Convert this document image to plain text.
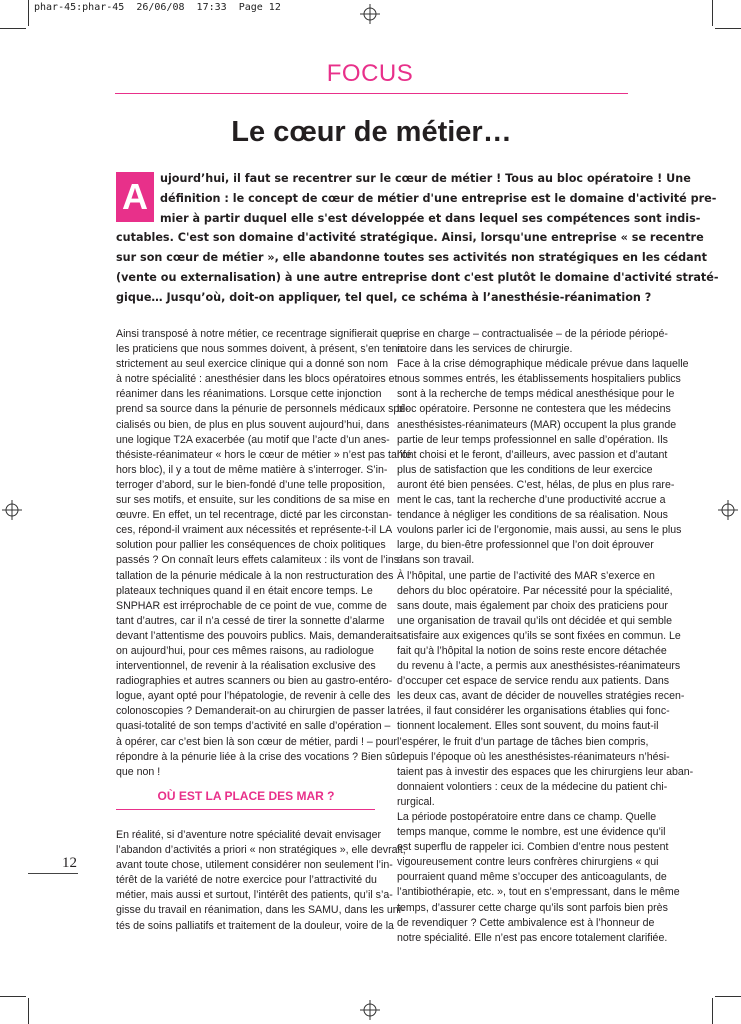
phar-45:phar-45  26/06/08  17:33  Page 12
FOCUS
Le cœur de métier…
A	ujourd’hui, il faut se recentrer sur le cœur de métier ! Tous au bloc opératoire ! Une
définition : le concept de cœur de métier d'une entreprise est le domaine d'activité pre-
mier à partir duquel elle s'est développée et dans lequel ses compétences sont indis-
cutables. C'est son domaine d'activité stratégique. Ainsi, lorsqu'une entreprise « se recentre
sur son cœur de métier », elle abandonne toutes ses activités non stratégiques en les cédant
(vente ou externalisation) à une autre entreprise dont c'est plutôt le domaine d'activité straté-
gique… Jusqu’où, doit-on appliquer, tel quel, ce schéma à l’anesthésie-réanimation ?
Ainsi transposé à notre métier, ce recentrage signifierait que
les praticiens que nous sommes doivent, à présent, s’en tenir
strictement au seul exercice clinique qui a donné son nom
à notre spécialité : anesthésier dans les blocs opératoires et
réanimer dans les réanimations. Lorsque cette injonction
prend sa source dans la pénurie de personnels médicaux spé-
cialisés ou bien, de plus en plus souvent aujourd’hui, dans
une logique T2A exacerbée (au motif que l’acte d’un anes-
thésiste-réanimateur « hors le cœur de métier » n’est pas tarifé
hors bloc), il y a tout de même matière à s’interroger. S’in-
terroger d’abord, sur le bien-fondé d’une telle proposition,
sur ses motifs, et ensuite, sur les conditions de sa mise en
œuvre. En effet, un tel recentrage, dicté par les circonstan-
ces, répond-il vraiment aux nécessités et représente-t-il LA
solution pour pallier les conséquences de choix politiques
passés ? On connaît leurs effets calamiteux : ils vont de l’ins-
tallation de la pénurie médicale à la non restructuration des
plateaux techniques quand il en était encore temps. Le
SNPHAR est irréprochable de ce point de vue, comme de
tant d’autres, car il n’a cessé de tirer la sonnette d’alarme
devant l’attentisme des pouvoirs publics. Mais, demanderait-
on aujourd’hui, pour ces mêmes raisons, au radiologue
interventionnel, de revenir à la réalisation exclusive des
radiographies et autres scanners ou bien au gastro-entéro-
logue, ayant opté pour l’hépatologie, de revenir à celle des
colonoscopies ? Demanderait-on au chirurgien de passer la
quasi-totalité de son temps d’activité en salle d’opération –
à opérer, car c’est bien là son cœur de métier, pardi ! – pour
répondre à la pénurie liée à la crise des vocations ? Bien sûr
que non !
OÙ EST LA PLACE DES MAR ?
En réalité, si d’aventure notre spécialité devait envisager
l’abandon d’activités a priori « non stratégiques », elle devrait,
avant toute chose, utilement considérer non seulement l’in-
térêt de la variété de notre exercice pour l’attractivité du
métier, mais aussi et surtout, l’intérêt des patients, qu’il s’a-
gisse du travail en réanimation, dans les SAMU, dans les uni-
tés de soins palliatifs et traitement de la douleur, voire de la
prise en charge – contractualisée – de la période périopé-
ratoire dans les services de chirurgie.
Face à la crise démographique médicale prévue dans laquelle
nous sommes entrés, les établissements hospitaliers publics
sont à la recherche de temps médical anesthésique pour le
bloc opératoire. Personne ne contestera que les médecins
anesthésistes-réanimateurs (MAR) occupent la plus grande
partie de leur temps professionnel en salle d’opération. Ils
l’ont choisi et le feront, d’ailleurs, avec passion et d’autant
plus de satisfaction que les conditions de leur exercice
auront été bien pensées. C’est, hélas, de plus en plus rare-
ment le cas, tant la recherche d’une productivité accrue a
tendance à négliger les conditions de sa réalisation. Nous
voulons parler ici de l’ergonomie, mais aussi, au sens le plus
large, du bien-être professionnel que l’on doit éprouver
dans son travail.
À l’hôpital, une partie de l’activité des MAR s’exerce en
dehors du bloc opératoire. Par nécessité pour la spécialité,
sans doute, mais également par choix des praticiens pour
une organisation de travail qu’ils ont décidée et qui semble
satisfaire aux exigences qu’ils se sont fixées en commun. Le
fait qu’à l’hôpital la notion de soins reste encore détachée
du revenu à l’acte, a permis aux anesthésistes-réanimateurs
d’occuper cet espace de service rendu aux patients. Dans
les deux cas, avant de décider de nouvelles stratégies recen-
trées, il faut considérer les organisations établies qui fonc-
tionnent localement. Elles sont souvent, du moins faut-il
l’espérer, le fruit d’un partage de tâches bien compris,
depuis l’époque où les anesthésistes-réanimateurs n’hési-
taient pas à investir des espaces que les chirurgiens leur aban-
donnaient volontiers : ceux de la médecine du patient chi-
rurgical.
La période postopératoire entre dans ce champ. Quelle
temps manque, comme le nombre, est une évidence qu’il
est superflu de rappeler ici. Combien d’entre nous pestent
vigoureusement contre leurs confrères chirurgiens « qui
pourraient quand même s’occuper des anticoagulants, de
l’antibiothérapie, etc. », tout en s’empressant, dans le même
temps, d’assurer cette charge qu’ils sont parfois bien près
de revendiquer ? Cette ambivalence est à l’honneur de
notre spécialité. Elle n’est pas encore totalement clarifiée.
12
